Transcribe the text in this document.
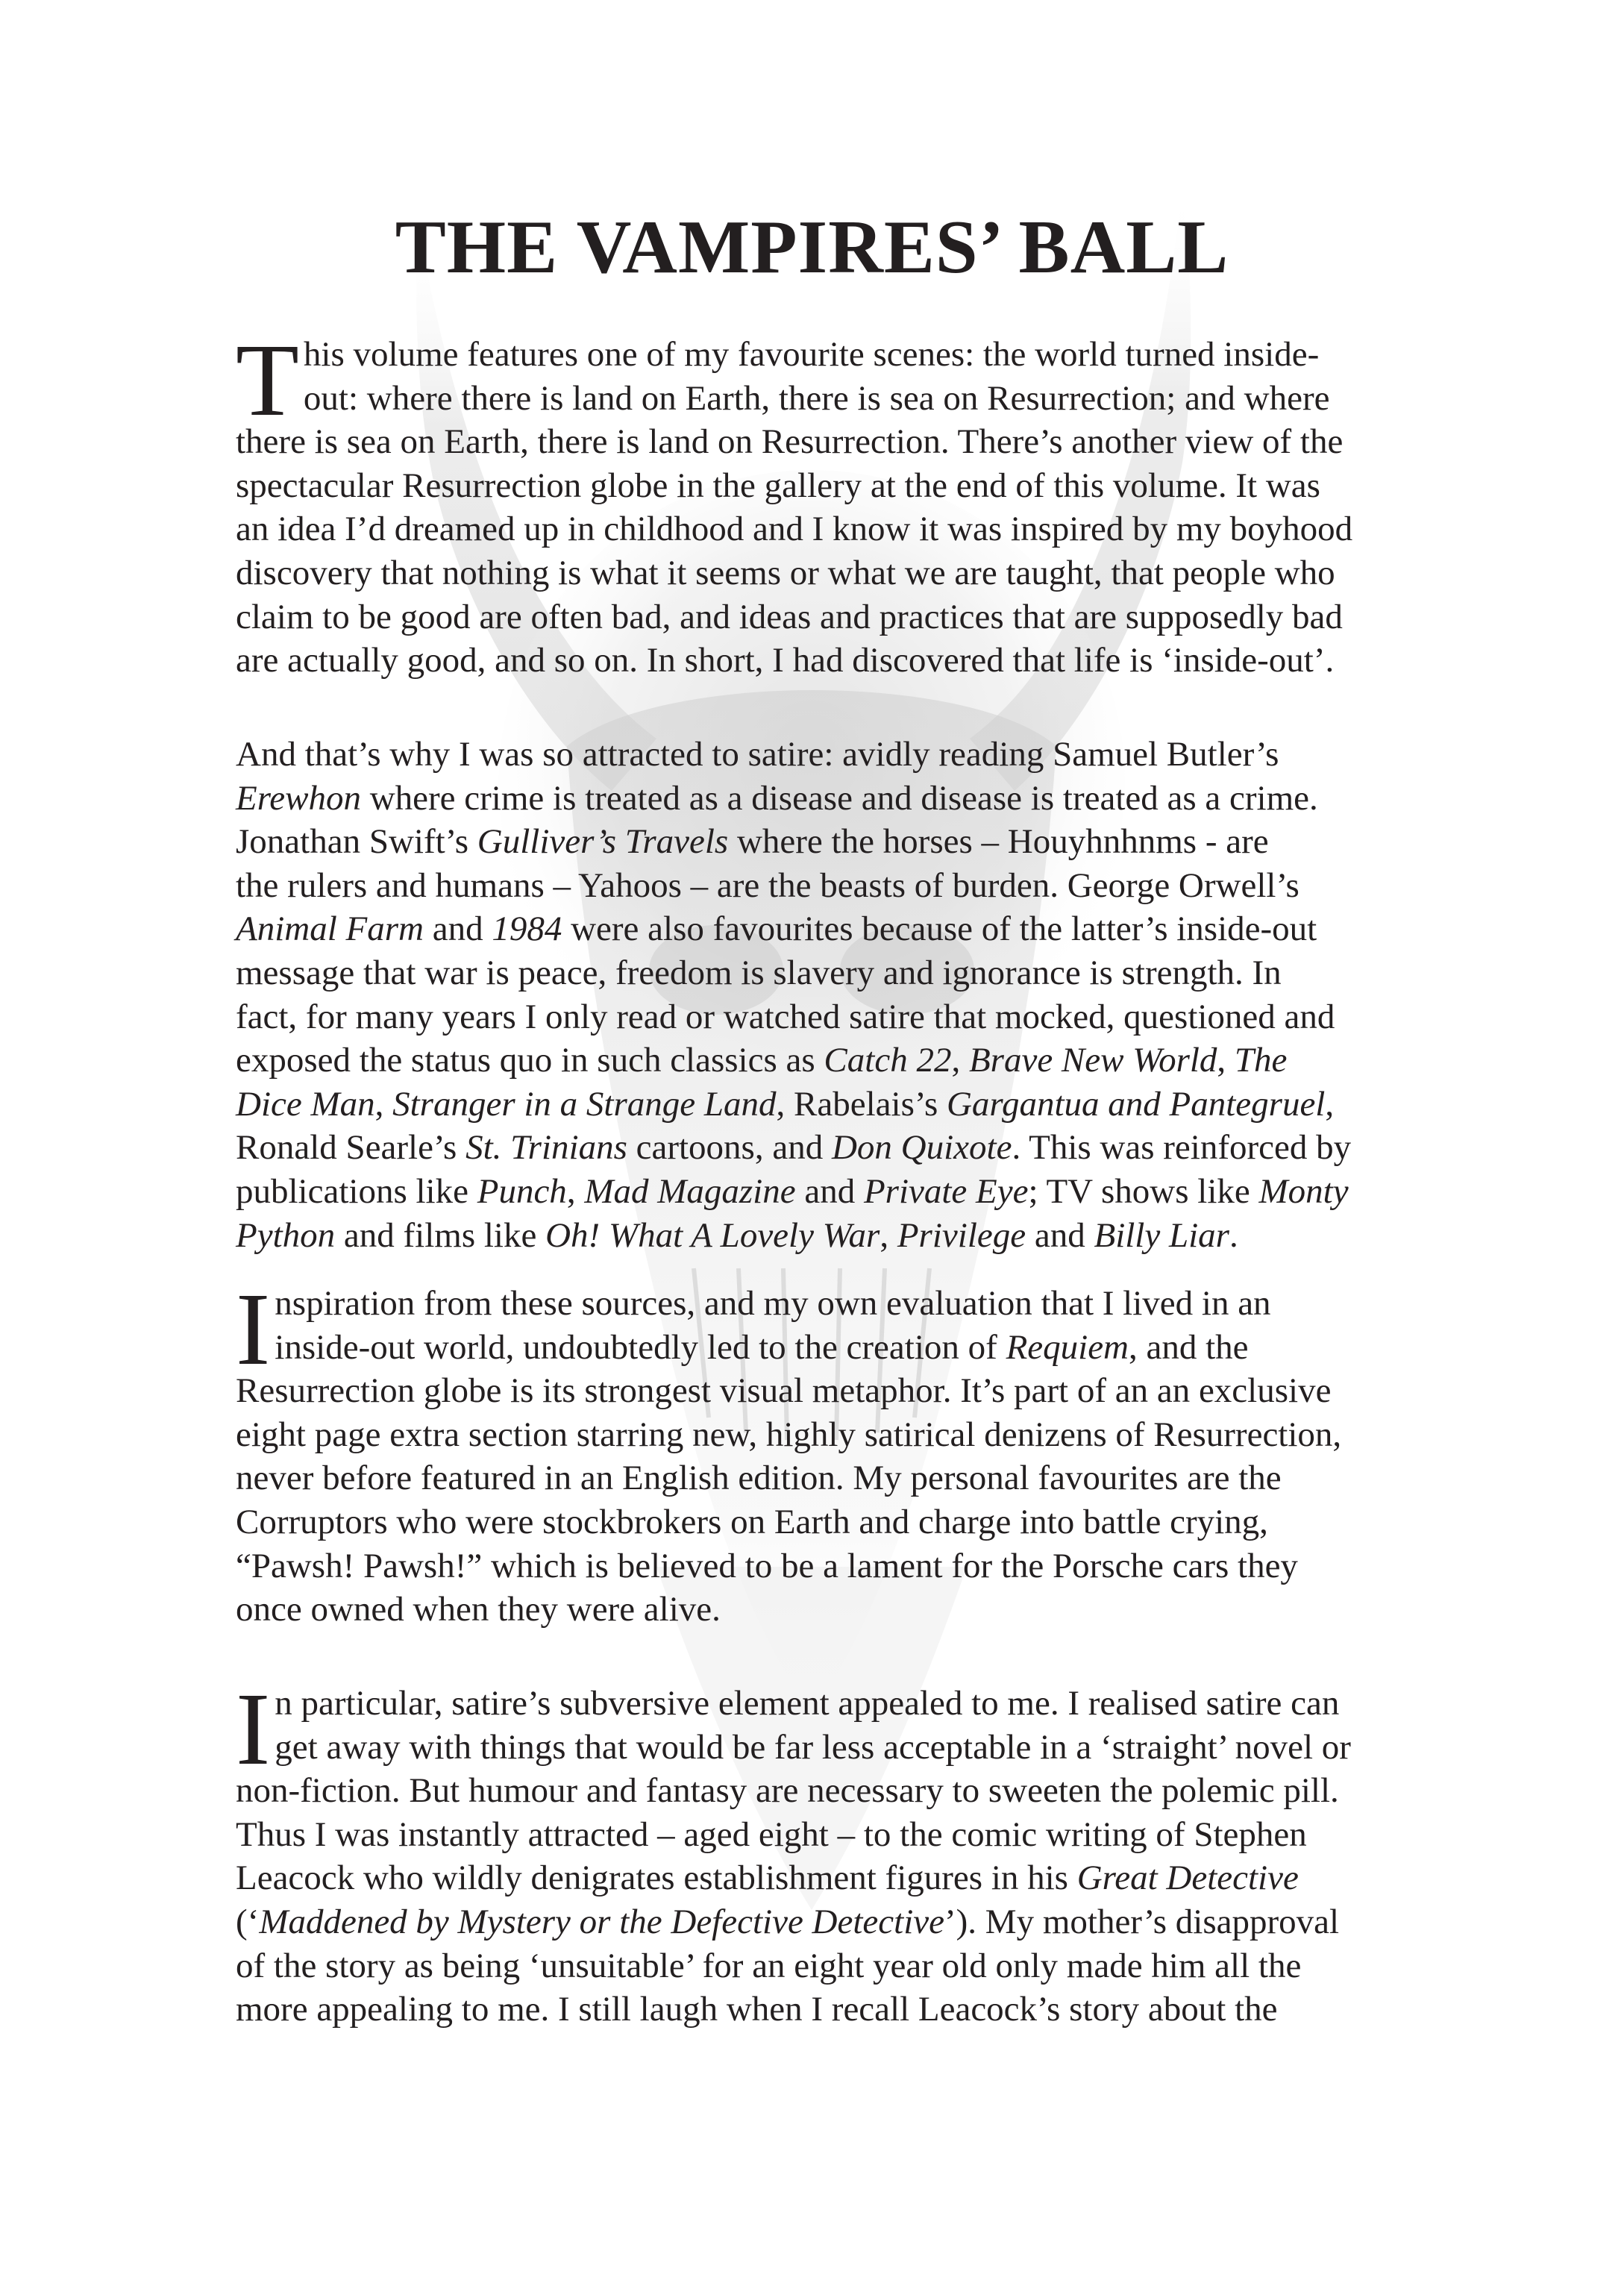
THE VAMPIRES’ BALL

T his volume features one of my favourite scenes: the world turned inside-
out: where there is land on Earth, there is sea on Resurrection; and where
there is sea on Earth, there is land on Resurrection. There’s another view of the
spectacular Resurrection globe in the gallery at the end of this volume. It was
an idea I’d dreamed up in childhood and I know it was inspired by my boyhood
discovery that nothing is what it seems or what we are taught, that people who
claim to be good are often bad, and ideas and practices that are supposedly bad
are actually good, and so on. In short, I had discovered that life is ‘inside-out’.

And that’s why I was so attracted to satire: avidly reading Samuel Butler’s
Erewhon where crime is treated as a disease and disease is treated as a crime.
Jonathan Swift’s Gulliver’s Travels where the horses – Houyhnhnms - are
the rulers and humans – Yahoos – are the beasts of burden. George Orwell’s
Animal Farm and 1984 were also favourites because of the latter’s inside-out
message that war is peace, freedom is slavery and ignorance is strength. In
fact, for many years I only read or watched satire that mocked, questioned and
exposed the status quo in such classics as Catch 22, Brave New World, The
Dice Man, Stranger in a Strange Land, Rabelais’s Gargantua and Pantegruel,
Ronald Searle’s St. Trinians cartoons, and Don Quixote. This was reinforced by
publications like Punch, Mad Magazine and Private Eye; TV shows like Monty
Python and films like Oh! What A Lovely War, Privilege and Billy Liar.

I nspiration from these sources, and my own evaluation that I lived in an
inside-out world, undoubtedly led to the creation of Requiem, and the
Resurrection globe is its strongest visual metaphor. It’s part of an an exclusive
eight page extra section starring new, highly satirical denizens of Resurrection,
never before featured in an English edition. My personal favourites are the
Corruptors who were stockbrokers on Earth and charge into battle crying,
“Pawsh! Pawsh!” which is believed to be a lament for the Porsche cars they
once owned when they were alive.

I n particular, satire’s subversive element appealed to me. I realised satire can
get away with things that would be far less acceptable in a ‘straight’ novel or
non-fiction. But humour and fantasy are necessary to sweeten the polemic pill.
Thus I was instantly attracted – aged eight – to the comic writing of Stephen
Leacock who wildly denigrates establishment figures in his Great Detective
(‘Maddened by Mystery or the Defective Detective’). My mother’s disapproval
of the story as being ‘unsuitable’ for an eight year old only made him all the
more appealing to me. I still laugh when I recall Leacock’s story about the
